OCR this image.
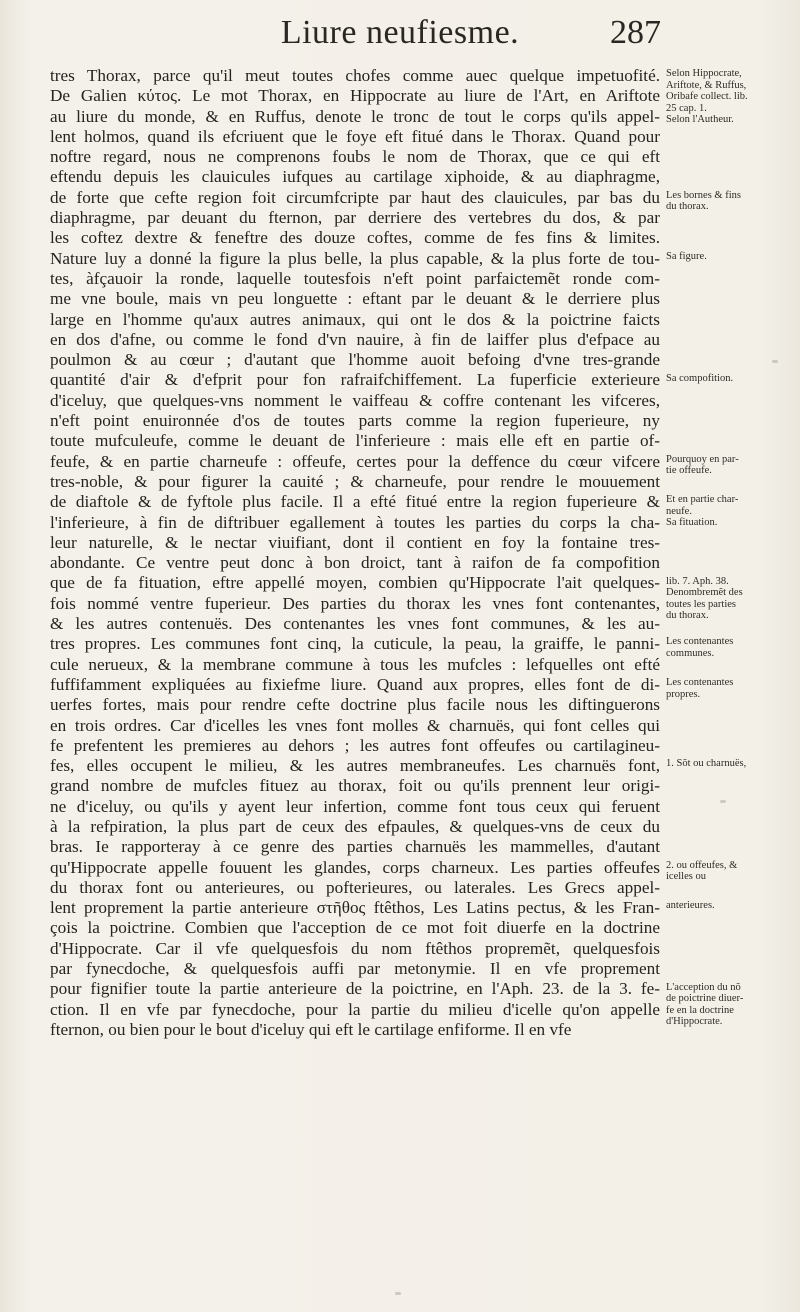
Liure neufiesme.	287
tres Thorax, parce qu'il meut toutes chofes comme auec quelque impetuofité.
De Galien κύτος. Le mot Thorax, en Hippocrate au liure de l'Art, en Ariftote
au liure du monde, & en Ruffus, denote le tronc de tout le corps qu'ils appel-
lent holmos, quand ils efcriuent que le foye eft fitué dans le Thorax. Quand pour
noftre regard, nous ne comprenons foubs le nom de Thorax, que ce qui eft
eftendu depuis les clauicules iufques au cartilage xiphoide, & au diaphragme,
de forte que cefte region foit circumfcripte par haut des clauicules, par bas du
diaphragme, par deuant du fternon, par derriere des vertebres du dos, & par
les coftez dextre & feneftre des douze coftes, comme de fes fins & limites.
Nature luy a donné la figure la plus belle, la plus capable, & la plus forte de tou-
tes, àfçauoir la ronde, laquelle toutesfois n'eft point parfaictemẽt ronde com-
me vne boule, mais vn peu longuette : eftant par le deuant & le derriere plus
large en l'homme qu'aux autres animaux, qui ont le dos & la poictrine faicts
en dos d'afne, ou comme le fond d'vn nauire, à fin de laiffer plus d'efpace au
poulmon & au cœur ; d'autant que l'homme auoit befoing d'vne tres-grande
quantité d'air & d'efprit pour fon rafraifchiffement. La fuperficie exterieure
d'iceluy, que quelques-vns nomment le vaiffeau & coffre contenant les vifceres,
n'eft point enuironnée d'os de toutes parts comme la region fuperieure, ny
toute mufculeufe, comme le deuant de l'inferieure : mais elle eft en partie of-
feufe, & en partie charneufe : offeufe, certes pour la deffence du cœur vifcere
tres-noble, & pour figurer la cauité ; & charneufe, pour rendre le mouuement
de diaftole & de fyftole plus facile. Il a efté fitué entre la region fuperieure &
l'inferieure, à fin de diftribuer egallement à toutes les parties du corps la cha-
leur naturelle, & le nectar viuifiant, dont il contient en foy la fontaine tres-
abondante. Ce ventre peut donc à bon droict, tant à raifon de fa compofition
que de fa fituation, eftre appellé moyen, combien qu'Hippocrate l'ait quelques-
fois nommé ventre fuperieur. Des parties du thorax les vnes font contenantes,
& les autres contenuës. Des contenantes les vnes font communes, & les au-
tres propres. Les communes font cinq, la cuticule, la peau, la graiffe, le panni-
cule nerueux, & la membrane commune à tous les mufcles : lefquelles ont efté
fuffifamment expliquées au fixiefme liure. Quand aux propres, elles font de di-
uerfes fortes, mais pour rendre cefte doctrine plus facile nous les diftinguerons
en trois ordres. Car d'icelles les vnes font molles & charnuës, qui font celles qui
fe prefentent les premieres au dehors ; les autres font offeufes ou cartilagineu-
fes, elles occupent le milieu, & les autres membraneufes. Les charnuës font,
grand nombre de mufcles fituez au thorax, foit ou qu'ils prennent leur origi-
ne d'iceluy, ou qu'ils y ayent leur infertion, comme font tous ceux qui feruent
à la refpiration, la plus part de ceux des efpaules, & quelques-vns de ceux du
bras. Ie rapporteray à ce genre des parties charnuës les mammelles, d'autant
qu'Hippocrate appelle fouuent les glandes, corps charneux. Les parties offeufes
du thorax font ou anterieures, ou pofterieures, ou laterales. Les Grecs appel-
lent proprement la partie anterieure στῆθος ftêthos, Les Latins pectus, & les Fran-
çois la poictrine. Combien que l'acception de ce mot foit diuerfe en la doctrine
d'Hippocrate. Car il vfe quelquesfois du nom ftêthos propremẽt, quelquesfois
par fynecdoche, & quelquesfois auffi par metonymie. Il en vfe proprement
pour fignifier toute la partie anterieure de la poictrine, en l'Aph. 23. de la 3. fe-
ction. Il en vfe par fynecdoche, pour la partie du milieu d'icelle qu'on appelle
fternon, ou bien pour le bout d'iceluy qui eft le cartilage enfiforme. Il en vfe
Selon Hippocrate,
Ariftote, & Ruffus,
Oribafe collect. lib.
25 cap. 1.
Selon l'Autheur.
Les bornes & fins
du thorax.
Sa figure.
Sa compofition.
Pourquoy en par-
tie offeufe.
Et en partie char-
neufe.
Sa fituation.
lib. 7. Aph. 38.
Denombremẽt des
toutes les parties
du thorax.
Les contenantes
communes.
Les contenantes
propres.
1. Sõt ou charnuës,
2. ou offeufes, &
icelles ou
anterieures.
L'acception du nõ
de poictrine diuer-
fe en la doctrine
d'Hippocrate.
